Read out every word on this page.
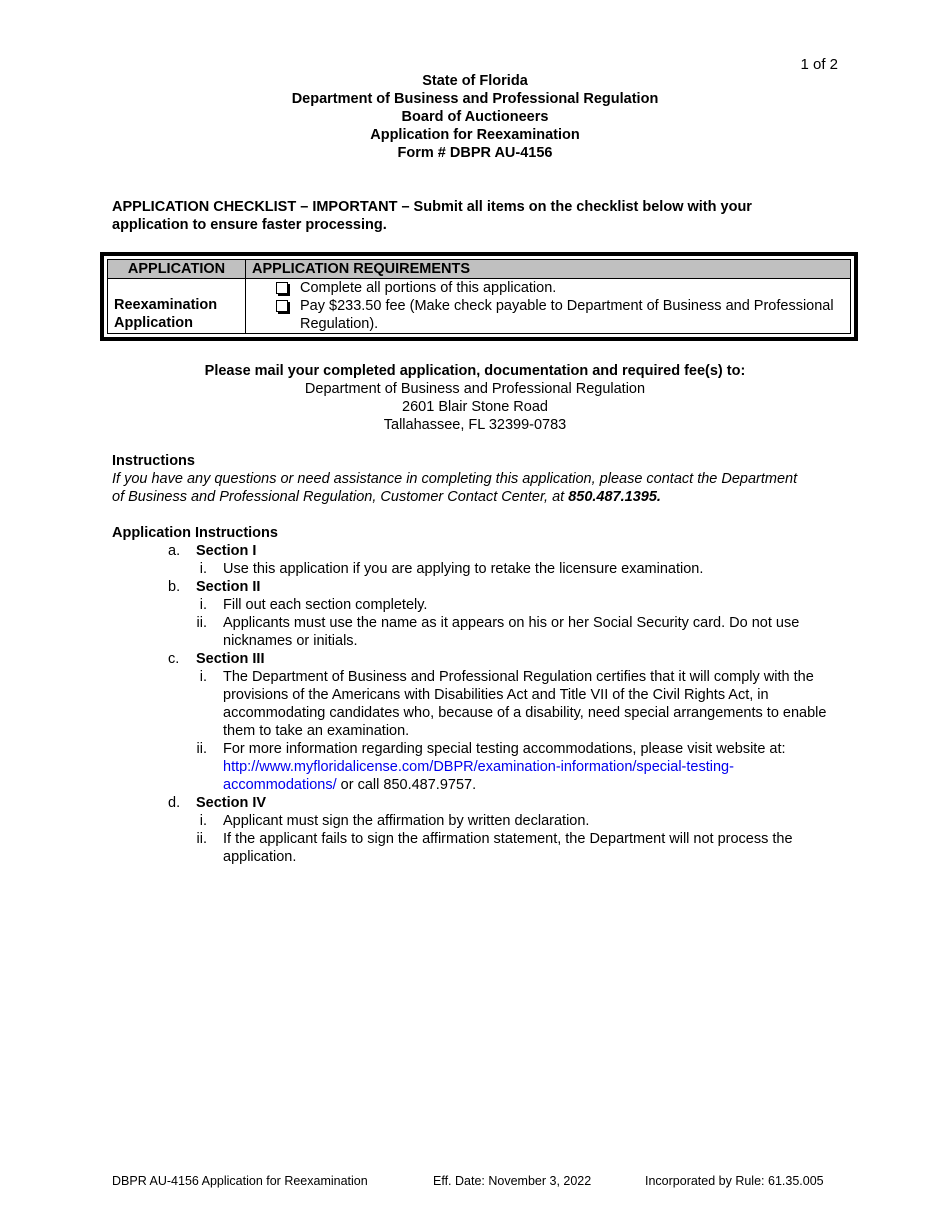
1 of 2
State of Florida
Department of Business and Professional Regulation
Board of Auctioneers
Application for Reexamination
Form # DBPR AU-4156
APPLICATION CHECKLIST – IMPORTANT – Submit all items on the checklist below with your application to ensure faster processing.
APPLICATION	APPLICATION REQUIREMENTS
Reexamination Application	Complete all portions of this application.
Pay $233.50 fee (Make check payable to Department of Business and Professional Regulation).
Please mail your completed application, documentation and required fee(s) to:
Department of Business and Professional Regulation
2601 Blair Stone Road
Tallahassee, FL 32399-0783
Instructions
If you have any questions or need assistance in completing this application, please contact the Department of Business and Professional Regulation, Customer Contact Center, at 850.487.1395.
Application Instructions
a.	Section I
i.	Use this application if you are applying to retake the licensure examination.
b.	Section II
i.	Fill out each section completely.
ii.	Applicants must use the name as it appears on his or her Social Security card. Do not use nicknames or initials.
c.	Section III
i.	The Department of Business and Professional Regulation certifies that it will comply with the provisions of the Americans with Disabilities Act and Title VII of the Civil Rights Act, in accommodating candidates who, because of a disability, need special arrangements to enable them to take an examination.
ii.	For more information regarding special testing accommodations, please visit website at: http://www.myfloridalicense.com/DBPR/examination-information/special-testing-accommodations/ or call 850.487.9757.
d.	Section IV
i.	Applicant must sign the affirmation by written declaration.
ii.	If the applicant fails to sign the affirmation statement, the Department will not process the application.
DBPR AU-4156 Application for Reexamination	Eff. Date: November 3, 2022	Incorporated by Rule: 61.35.005
